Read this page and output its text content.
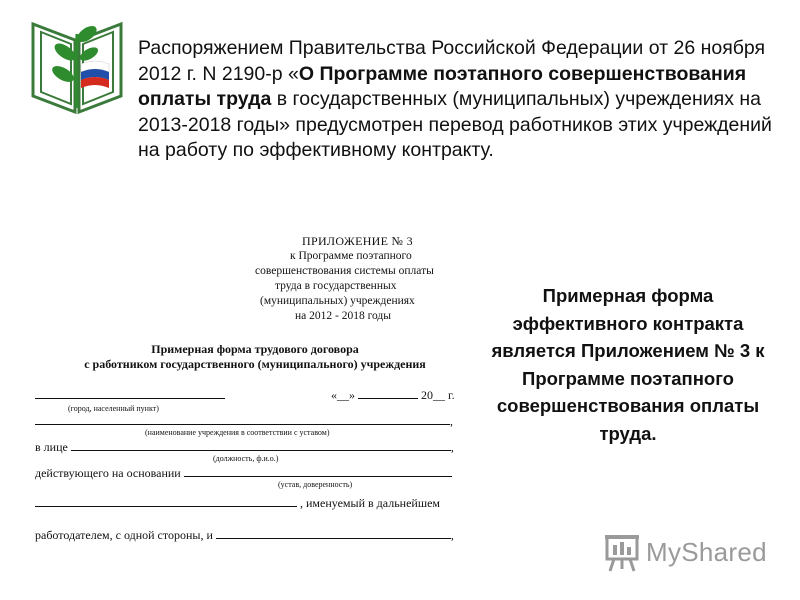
Распоряжением Правительства Российской Федерации от 26 ноября 2012 г. N 2190-р «О Программе поэтапного совершенствования оплаты труда в государственных (муниципальных) учреждениях на 2013-2018 годы» предусмотрен перевод работников этих учреждений на работу по эффективному контракту.
ПРИЛОЖЕНИЕ № 3
к Программе поэтапного
совершенствования системы оплаты
труда в государственных
(муниципальных) учреждениях
на 2012 - 2018 годы
Примерная форма трудового договора
с работником государственного (муниципального) учреждения
«__»	20__ г.
(город, населенный пункт)
,
(наименование учреждения в соответствии с уставом)
в лице	,
(должность, ф.и.о.)
действующего на основании
(устав, доверенность)
, именуемый в дальнейшем
работодателем, с одной стороны, и	,
Примерная форма эффективного контракта является Приложением № 3 к Программе поэтапного совершенствования оплаты труда.
MyShared
